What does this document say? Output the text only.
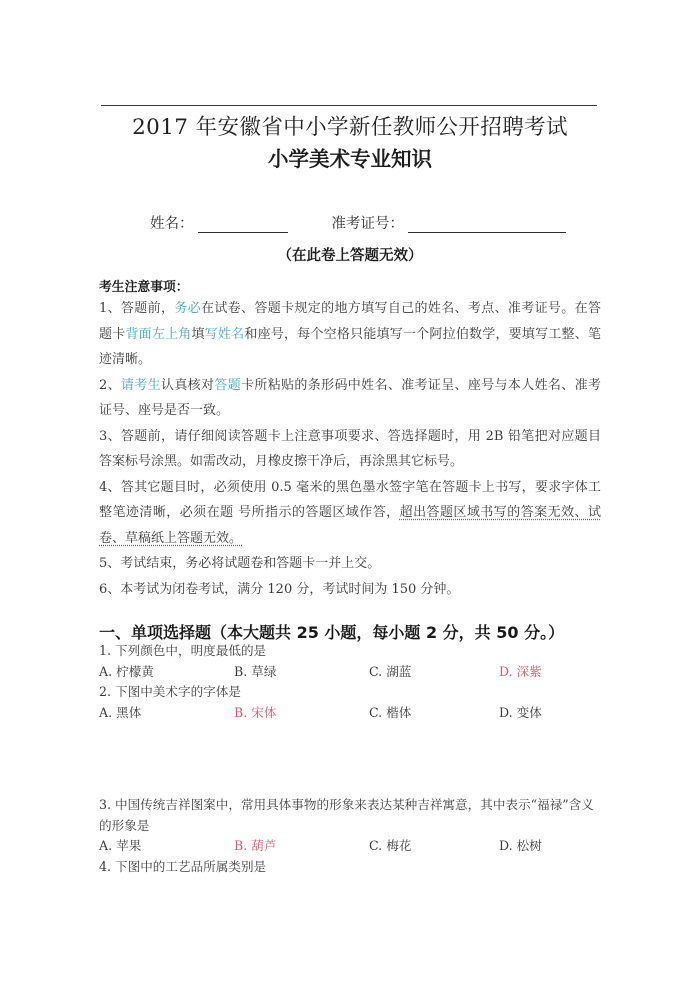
2017 年安徽省中小学新任教师公开招聘考试
小学美术专业知识
姓名：	准考证号：
（在此卷上答题无效）
考生注意事项：

1、答题前，务必在试卷、答题卡规定的地方填写自己的姓名、考点、准考证号。在答题卡背面左上角填写姓名和座号，每个空格只能填写一个阿拉伯数学，要填写工整、笔迹清晰。

2、请考生认真核对答题卡所粘贴的条形码中姓名、准考证呈、座号与本人姓名、准考证号、座号是否一致。

3、答题前，请仔细阅读答题卡上注意事项要求、答选择题时，用 2B 铅笔把对应题目答案标号涂黑。如需改动，月橡皮擦干净后，再涂黑其它标号。

4、答其它题目时，必须使用 0.5 毫米的黑色墨水签字笔在答题卡上书写，要求字体工整笔迹清晰，必须在题 号所指示的答题区域作答，超出答题区域书写的答案无效、试卷、草稿纸上答题无效。

5、考试结束，务必将试题卷和答题卡一并上交。

6、本考试为闭卷考试，满分 120 分，考试时间为 150 分钟。

一、单项选择题（本大题共 25 小题，每小题 2 分，共 50 分。）
1. 下列颜色中，明度最低的是
A. 柠檬黄	B. 草绿	C. 湖蓝	D. 深紫
2. 下图中美术字的字体是
A. 黑体	B. 宋体	C. 楷体	D. 变体
3. 中国传统吉祥图案中，常用具体事物的形象来表达某种吉祥寓意，其中表示“福禄”含义的形象是
A. 苹果	B. 葫芦	C. 梅花	D. 松树
4. 下图中的工艺品所属类别是
